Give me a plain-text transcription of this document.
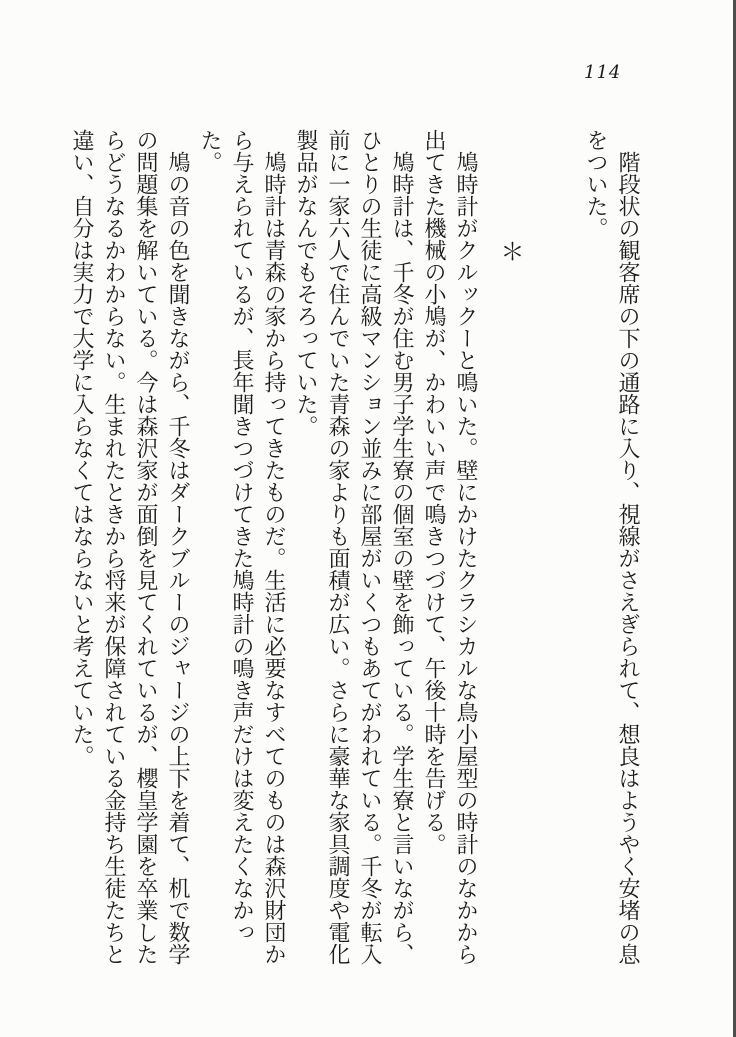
114

階段状の観客席の下の通路に入り、視線がさえぎられて、想良はようやく安堵の息をついた。

＊

鳩時計がクルックーと鳴いた。壁にかけたクラシカルな鳥小屋型の時計のなかから出てきた機械の小鳩が、かわいい声で鳴きつづけて、午後十時を告げる。

鳩時計は、千冬が住む男子学生寮の個室の壁を飾っている。学生寮と言いながら、ひとりの生徒に高級マンション並みに部屋がいくつもあてがわれている。千冬が転入前に一家六人で住んでいた青森の家よりも面積が広い。さらに豪華な家具調度や電化製品がなんでもそろっていた。

鳩時計は青森の家から持ってきたものだ。生活に必要なすべてのものは森沢財団から与えられているが、長年聞きつづけてきた鳩時計の鳴き声だけは変えたくなかった。

鳩の音の色を聞きながら、千冬はダークブルーのジャージの上下を着て、机で数学の問題集を解いている。今は森沢家が面倒を見てくれているが、櫻皇学園を卒業したらどうなるかわからない。生まれたときから将来が保障されている金持ち生徒たちと違い、自分は実力で大学に入らなくてはならないと考えていた。
